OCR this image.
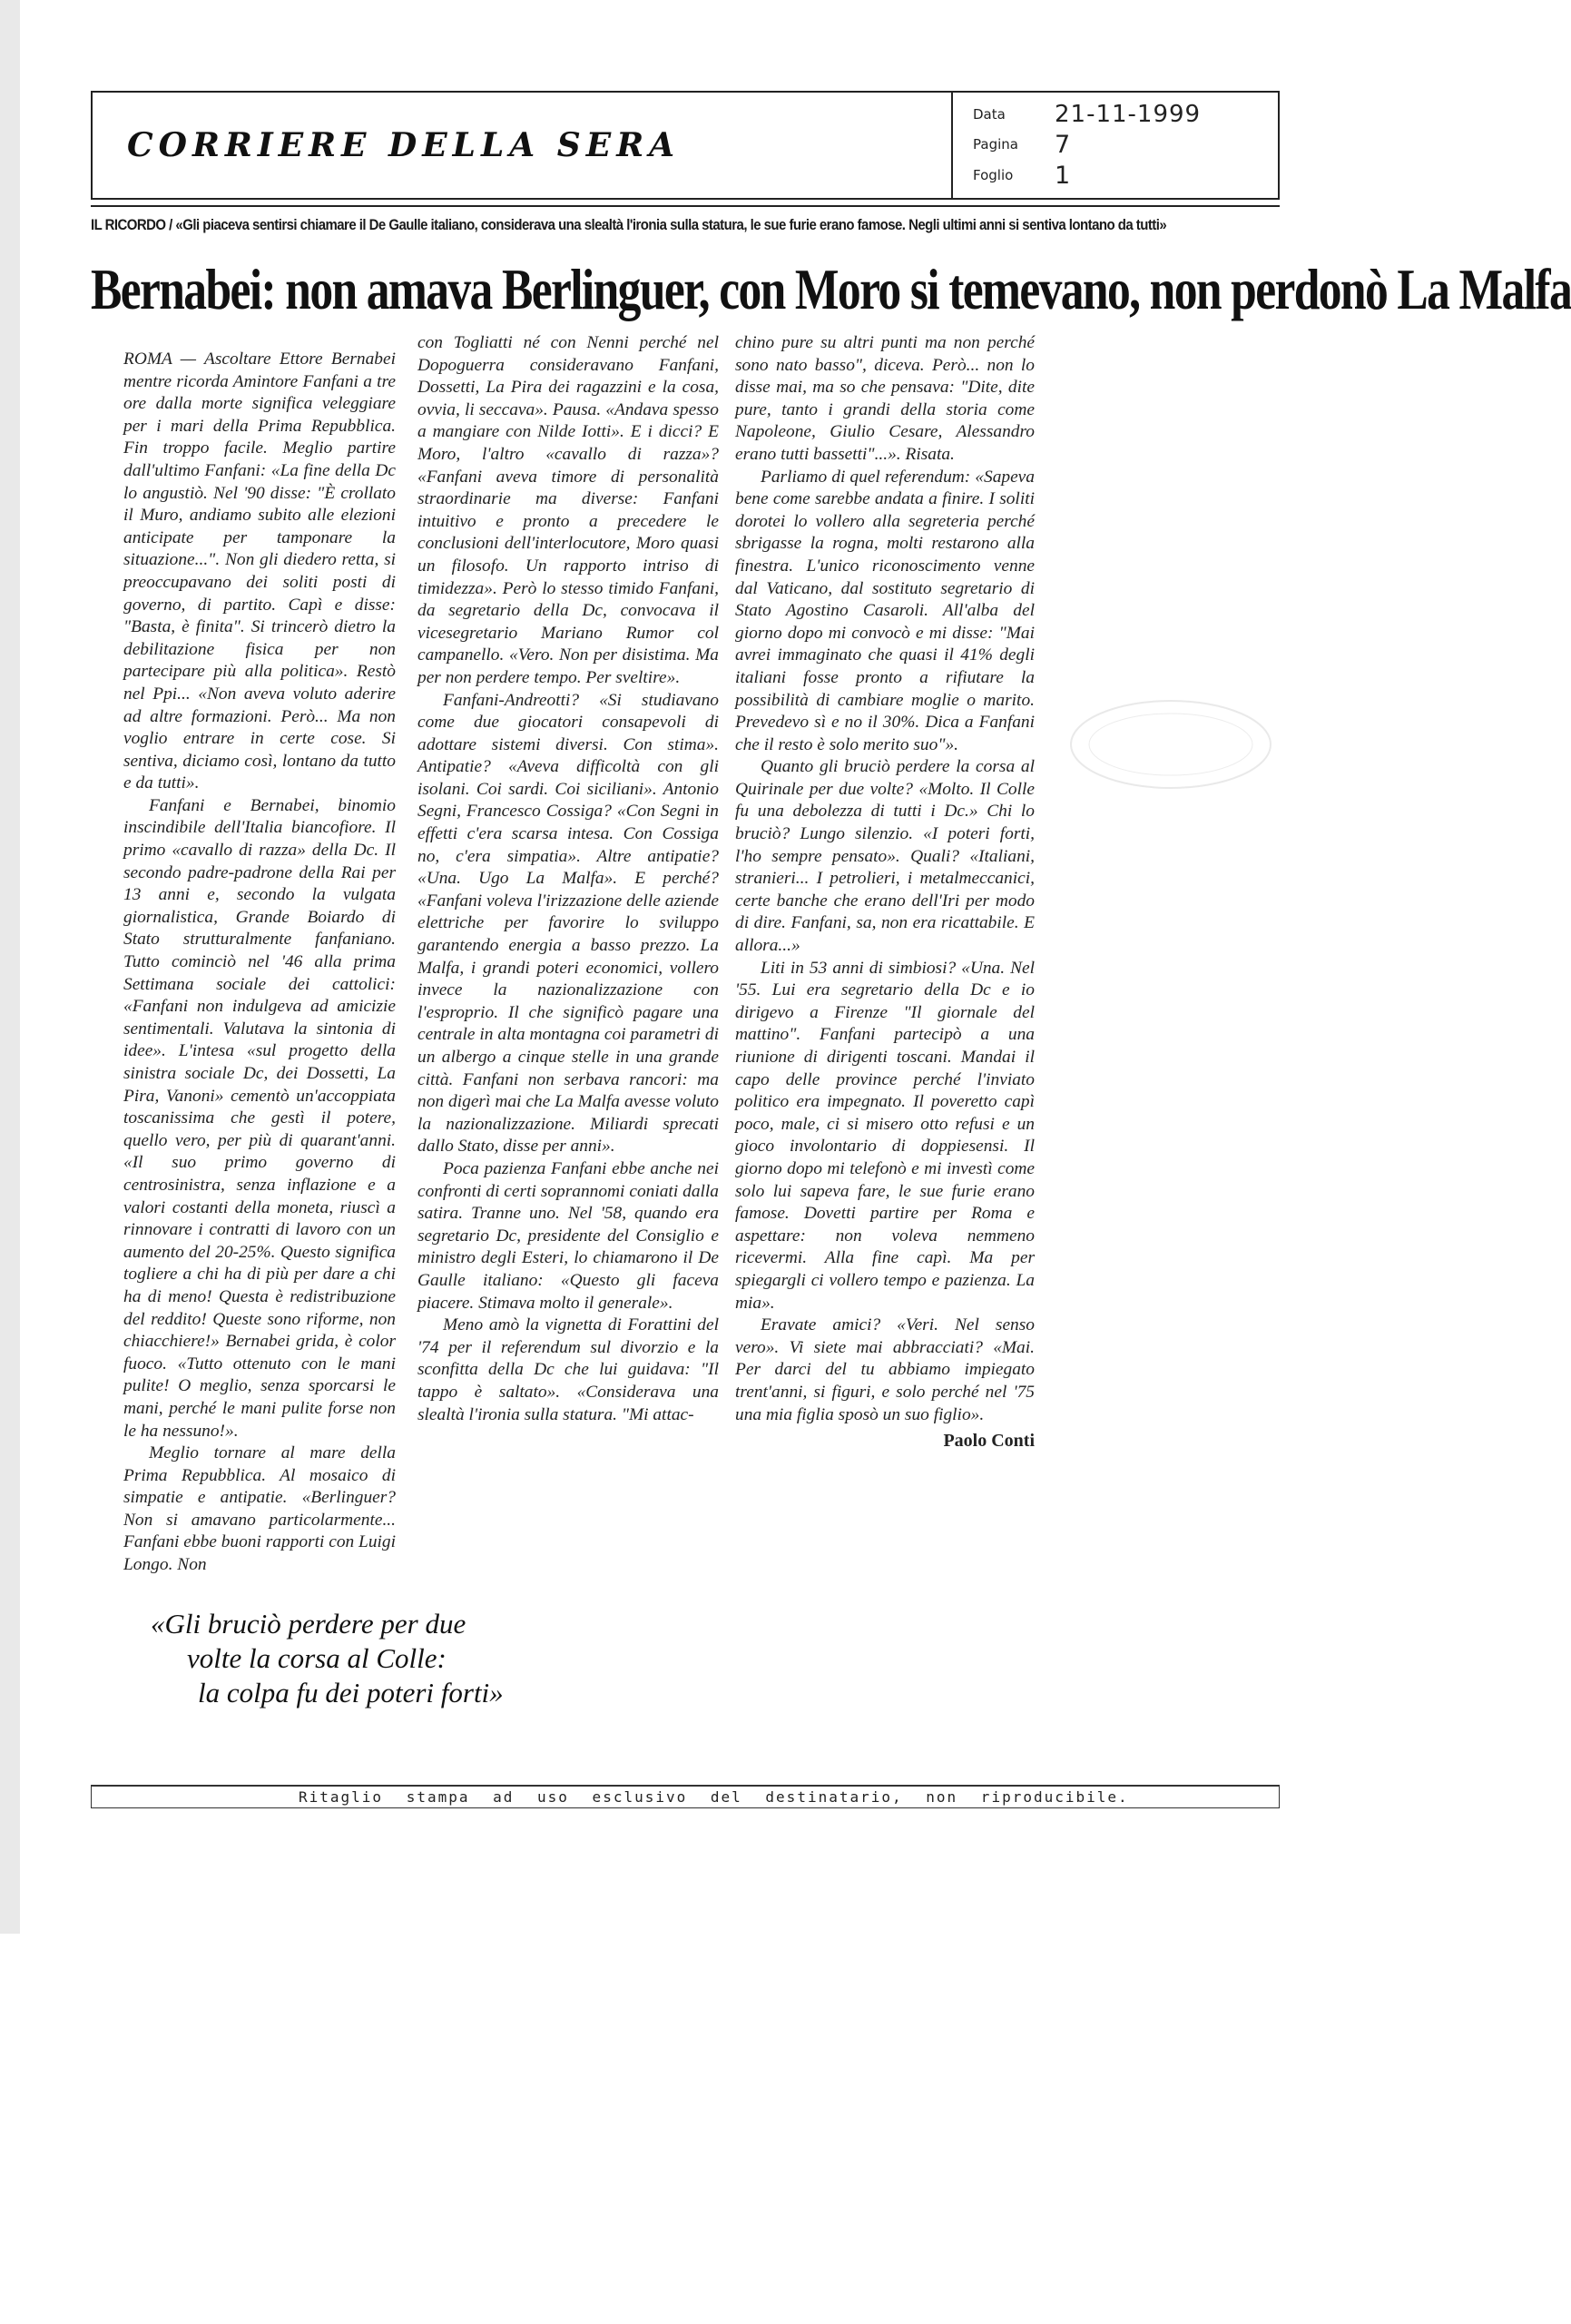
CORRIERE DELLA SERA
Data	21-11-1999
Pagina	7
Foglio	1
IL RICORDO / «Gli piaceva sentirsi chiamare il De Gaulle italiano, considerava una slealtà l'ironia sulla statura, le sue furie erano famose. Negli ultimi anni si sentiva lontano da tutti»
Bernabei: non amava Berlinguer, con Moro si temevano, non perdonò La Malfa

ROMA — Ascoltare Ettore Bernabei mentre ricorda Amintore Fanfani a tre ore dalla morte significa veleggiare per i mari della Prima Repubblica. Fin troppo facile. Meglio partire dall'ultimo Fanfani: «La fine della Dc lo angustiò. Nel '90 disse: "È crollato il Muro, andiamo subito alle elezioni anticipate per tamponare la situazione...". Non gli diedero retta, si preoccupavano dei soliti posti di governo, di partito. Capì e disse: "Basta, è finita". Si trincerò dietro la debilitazione fisica per non partecipare più alla politica». Restò nel Ppi... «Non aveva voluto aderire ad altre formazioni. Però... Ma non voglio entrare in certe cose. Si sentiva, diciamo così, lontano da tutto e da tutti».

Fanfani e Bernabei, binomio inscindibile dell'Italia biancofiore. Il primo «cavallo di razza» della Dc. Il secondo padre-padrone della Rai per 13 anni e, secondo la vulgata giornalistica, Grande Boiardo di Stato strutturalmente fanfaniano. Tutto cominciò nel '46 alla prima Settimana sociale dei cattolici: «Fanfani non indulgeva ad amicizie sentimentali. Valutava la sintonia di idee». L'intesa «sul progetto della sinistra sociale Dc, dei Dossetti, La Pira, Vanoni» cementò un'accoppiata toscanissima che gestì il potere, quello vero, per più di quarant'anni. «Il suo primo governo di centrosinistra, senza inflazione e a valori costanti della moneta, riuscì a rinnovare i contratti di lavoro con un aumento del 20-25%. Questo significa togliere a chi ha di più per dare a chi ha di meno! Questa è redistribuzione del reddito! Queste sono riforme, non chiacchiere!» Bernabei grida, è color fuoco. «Tutto ottenuto con le mani pulite! O meglio, senza sporcarsi le mani, perché le mani pulite forse non le ha nessuno!».

Meglio tornare al mare della Prima Repubblica. Al mosaico di simpatie e antipatie. «Berlinguer? Non si amavano particolarmente... Fanfani ebbe buoni rapporti con Luigi Longo. Non

con Togliatti né con Nenni perché nel Dopoguerra consideravano Fanfani, Dossetti, La Pira dei ragazzini e la cosa, ovvia, li seccava». Pausa. «Andava spesso a mangiare con Nilde Iotti». E i dicci? E Moro, l'altro «cavallo di razza»? «Fanfani aveva timore di personalità straordinarie ma diverse: Fanfani intuitivo e pronto a precedere le conclusioni dell'interlocutore, Moro quasi un filosofo. Un rapporto intriso di timidezza». Però lo stesso timido Fanfani, da segretario della Dc, convocava il vicesegretario Mariano Rumor col campanello. «Vero. Non per disistima. Ma per non perdere tempo. Per sveltire».

Fanfani-Andreotti? «Si studiavano come due giocatori consapevoli di adottare sistemi diversi. Con stima». Antipatie? «Aveva difficoltà con gli isolani. Coi sardi. Coi siciliani». Antonio Segni, Francesco Cossiga? «Con Segni in effetti c'era scarsa intesa. Con Cossiga no, c'era simpatia». Altre antipatie? «Una. Ugo La Malfa». E perché? «Fanfani voleva l'irizzazione delle aziende elettriche per favorire lo sviluppo garantendo energia a basso prezzo. La Malfa, i grandi poteri economici, vollero invece la nazionalizzazione con l'esproprio. Il che significò pagare una centrale in alta montagna coi parametri di un albergo a cinque stelle in una grande città. Fanfani non serbava rancori: ma non digerì mai che La Malfa avesse voluto la nazionalizzazione. Miliardi sprecati dallo Stato, disse per anni».

Poca pazienza Fanfani ebbe anche nei confronti di certi soprannomi coniati dalla satira. Tranne uno. Nel '58, quando era segretario Dc, presidente del Consiglio e ministro degli Esteri, lo chiamarono il De Gaulle italiano: «Questo gli faceva piacere. Stimava molto il generale».

Meno amò la vignetta di Forattini del '74 per il referendum sul divorzio e la sconfitta della Dc che lui guidava: "Il tappo è saltato». «Considerava una slealtà l'ironia sulla statura. "Mi attac-

chino pure su altri punti ma non perché sono nato basso", diceva. Però... non lo disse mai, ma so che pensava: "Dite, dite pure, tanto i grandi della storia come Napoleone, Giulio Cesare, Alessandro erano tutti bassetti"...». Risata.

Parliamo di quel referendum: «Sapeva bene come sarebbe andata a finire. I soliti dorotei lo vollero alla segreteria perché sbrigasse la rogna, molti restarono alla finestra. L'unico riconoscimento venne dal Vaticano, dal sostituto segretario di Stato Agostino Casaroli. All'alba del giorno dopo mi convocò e mi disse: "Mai avrei immaginato che quasi il 41% degli italiani fosse pronto a rifiutare la possibilità di cambiare moglie o marito. Prevedevo sì e no il 30%. Dica a Fanfani che il resto è solo merito suo"».

Quanto gli bruciò perdere la corsa al Quirinale per due volte? «Molto. Il Colle fu una debolezza di tutti i Dc.» Chi lo bruciò? Lungo silenzio. «I poteri forti, l'ho sempre pensato». Quali? «Italiani, stranieri... I petrolieri, i metalmeccanici, certe banche che erano dell'Iri per modo di dire. Fanfani, sa, non era ricattabile. E allora...»

Liti in 53 anni di simbiosi? «Una. Nel '55. Lui era segretario della Dc e io dirigevo a Firenze "Il giornale del mattino". Fanfani partecipò a una riunione di dirigenti toscani. Mandai il capo delle province perché l'inviato politico era impegnato. Il poveretto capì poco, male, ci si misero otto refusi e un gioco involontario di doppiesensi. Il giorno dopo mi telefonò e mi investì come solo lui sapeva fare, le sue furie erano famose. Dovetti partire per Roma e aspettare: non voleva nemmeno ricevermi. Alla fine capì. Ma per spiegargli ci vollero tempo e pazienza. La mia».

Eravate amici? «Veri. Nel senso vero». Vi siete mai abbracciati? «Mai. Per darci del tu abbiamo impiegato trent'anni, si figuri, e solo perché nel '75 una mia figlia sposò un suo figlio».

Paolo Conti
«Gli bruciò perdere per due
volte la corsa al Colle:
la colpa fu dei poteri forti»
Ritaglio stampa ad uso esclusivo del destinatario, non riproducibile.
